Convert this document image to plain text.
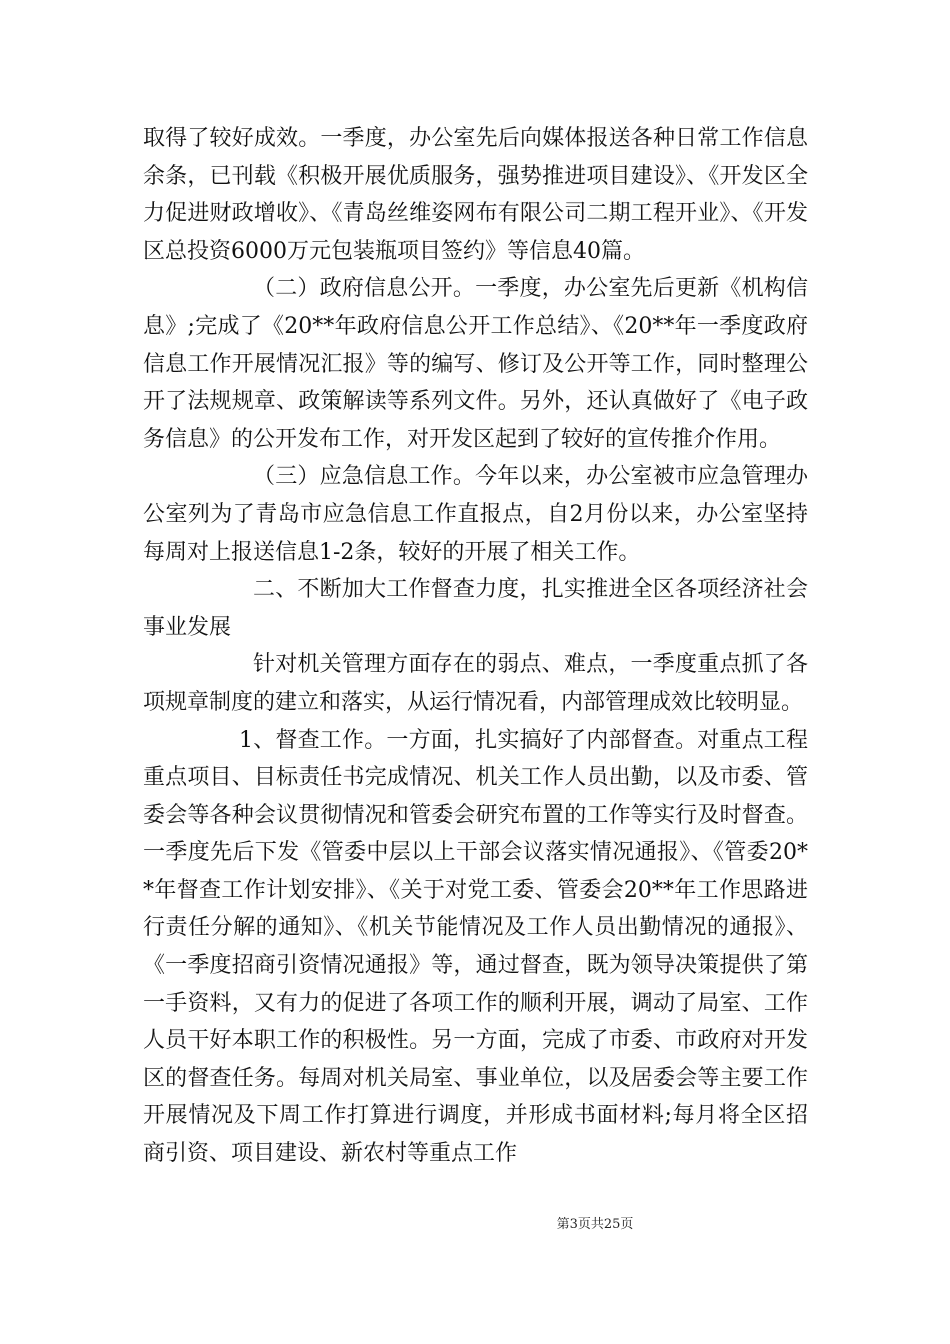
取得了较好成效。一季度，办公室先后向媒体报送各种日常工作信息余条，已刊载《积极开展优质服务，强势推进项目建设》、《开发区全力促进财政增收》、《青岛丝维姿网布有限公司二期工程开业》、《开发区总投资6000万元包装瓶项目签约》等信息40篇。

（二）政府信息公开。一季度，办公室先后更新《机构信息》;完成了《20**年政府信息公开工作总结》、《20**年一季度政府信息工作开展情况汇报》等的编写、修订及公开等工作，同时整理公开了法规规章、政策解读等系列文件。另外，还认真做好了《电子政务信息》的公开发布工作，对开发区起到了较好的宣传推介作用。

（三）应急信息工作。今年以来，办公室被市应急管理办公室列为了青岛市应急信息工作直报点，自2月份以来，办公室坚持每周对上报送信息1-2条，较好的开展了相关工作。

二、不断加大工作督查力度，扎实推进全区各项经济社会事业发展

针对机关管理方面存在的弱点、难点，一季度重点抓了各项规章制度的建立和落实，从运行情况看，内部管理成效比较明显。

1、督查工作。一方面，扎实搞好了内部督查。对重点工程重点项目、目标责任书完成情况、机关工作人员出勤，以及市委、管委会等各种会议贯彻情况和管委会研究布置的工作等实行及时督查。一季度先后下发《管委中层以上干部会议落实情况通报》、《管委20**年督查工作计划安排》、《关于对党工委、管委会20**年工作思路进行责任分解的通知》、《机关节能情况及工作人员出勤情况的通报》、《一季度招商引资情况通报》等，通过督查，既为领导决策提供了第一手资料，又有力的促进了各项工作的顺利开展，调动了局室、工作人员干好本职工作的积极性。另一方面，完成了市委、市政府对开发区的督查任务。每周对机关局室、事业单位，以及居委会等主要工作开展情况及下周工作打算进行调度，并形成书面材料;每月将全区招商引资、项目建设、新农村等重点工作

第3页共25页
